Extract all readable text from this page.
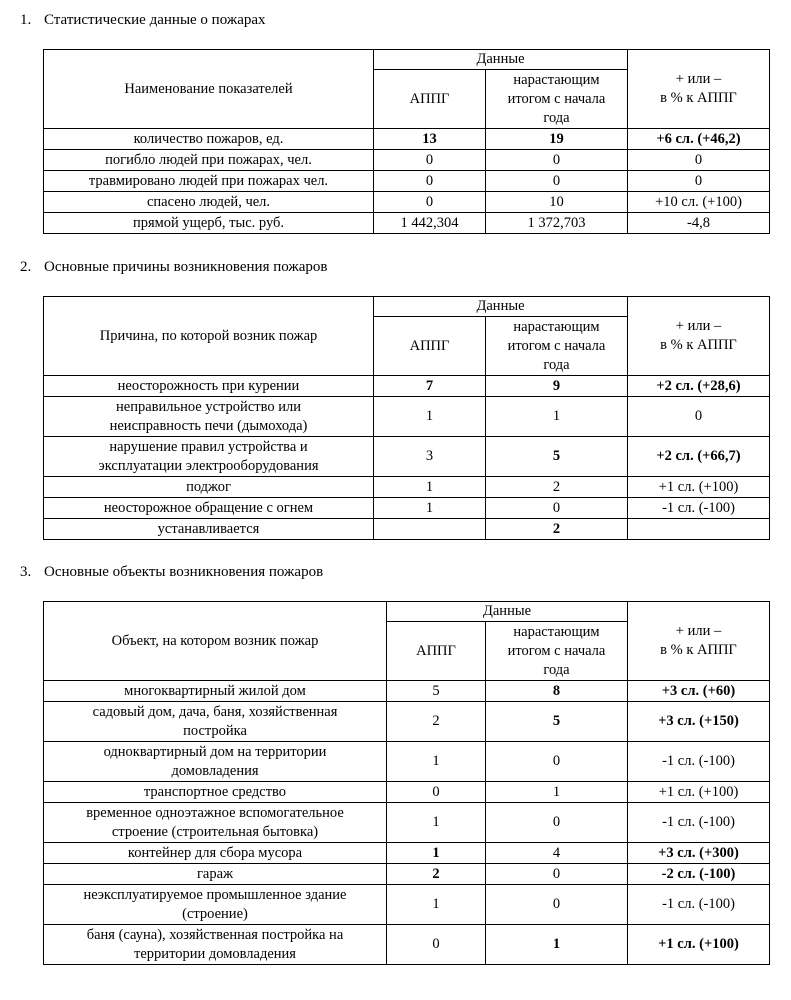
1. Статистические данные о пожарах
Наименование показателей	Данные		+ или –
в % к АППГ

	АППГ	нарастающим
итогом с начала
года	

количество пожаров, ед.	13	19	+6 сл. (+46,2)
погибло людей при пожарах, чел.	0	0	0
травмировано людей при пожарах чел.	0	0	0
спасено людей, чел.	0	10	+10 сл. (+100)
прямой ущерб, тыс. руб.	1 442,304	1 372,703	-4,8
2. Основные причины возникновения пожаров
Причина, по которой возник пожар	Данные		+ или –
в % к АППГ

	АППГ	нарастающим
итогом с начала
года	

неосторожность при курении	7	9	+2 сл. (+28,6)

неправильное устройство или
неисправность печи (дымохода)	1	1	0

нарушение правил устройства и
эксплуатации электрооборудования	3	5	+2 сл. (+66,7)
поджог	1	2	+1 сл. (+100)
неосторожное обращение с огнем	1	0	-1 сл. (-100)
устанавливается		2	
3. Основные объекты возникновения пожаров
Объект, на котором возник пожар	Данные		+ или –
в % к АППГ

	АППГ	нарастающим
итогом с начала
года	

многоквартирный жилой дом	5	8	+3 сл. (+60)

садовый дом, дача, баня, хозяйственная
постройка	2	5	+3 сл. (+150)

одноквартирный дом на территории
домовладения	1	0	-1 сл. (-100)
транспортное средство	0	1	+1 сл. (+100)

временное одноэтажное вспомогательное
строение (строительная бытовка)	1	0	-1 сл. (-100)
контейнер для сбора мусора	1	4	+3 сл. (+300)
гараж	2	0	-2 сл. (-100)

неэксплуатируемое промышленное здание
(строение)	1	0	-1 сл. (-100)

баня (сауна), хозяйственная постройка на
территории домовладения	0	1	+1 сл. (+100)
